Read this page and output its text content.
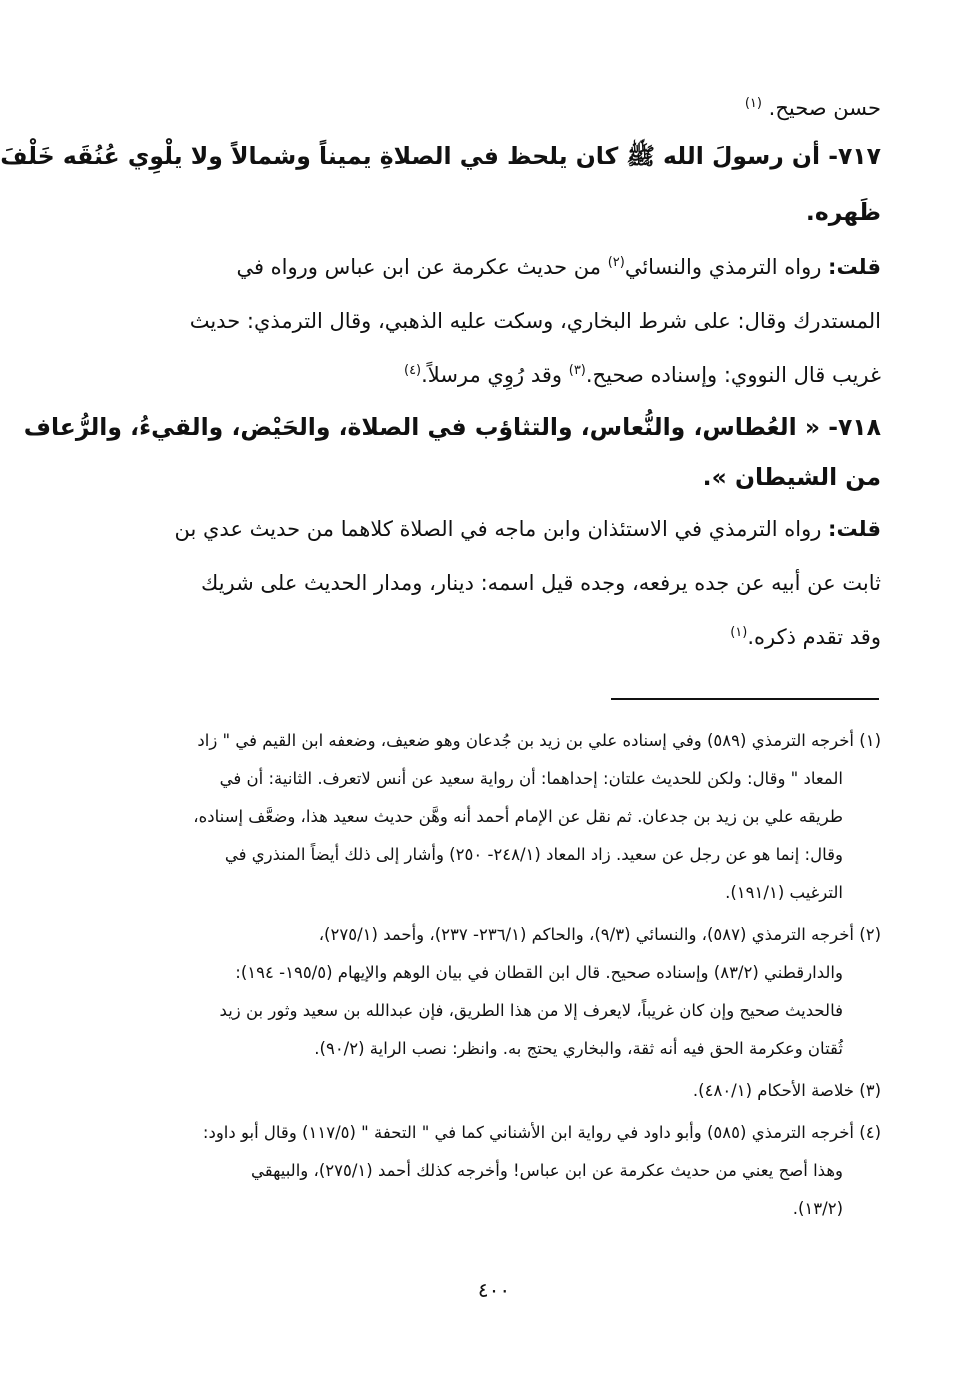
حسن صحيح. $^{(١)}$
٧١٧- أن رسولَ الله ﷺ كان يلحظ في الصلاةِ يميناً وشمالاً ولا يلْوِي عُنُقَه خَلْفَ
ظَهره.
قلت: رواه الترمذي والنسائي$^{(٢)}$ من حديث عكرمة عن ابن عباس ورواه في
المستدرك وقال: على شرط البخاري، وسكت عليه الذهبي، وقال الترمذي: حديث
غريب قال النووي: وإسناده صحيح.$^{(٣)}$ وقد رُوِي مرسلاً.$^{(٤)}$
٧١٨- « العُطاس، والنُّعاس، والتثاؤب في الصلاة، والحَيْض، والقيءُ، والرُّعاف
من الشيطان ».
قلت: رواه الترمذي في الاستئذان وابن ماجه في الصلاة كلاهما من حديث عدي بن
ثابت عن أبيه عن جده يرفعه، وجده قيل اسمه: دينار، ومدار الحديث على شريك
وقد تقدم ذكره.$^{(١)}$
(١) أخرجه الترمذي (٥٨٩) وفي إسناده علي بن زيد بن جُدعان وهو ضعيف، وضعفه ابن القيم في " زاد
المعاد " وقال: ولكن للحديث علتان: إحداهما: أن رواية سعيد عن أنس لاتعرف. الثانية: أن في
طريقه علي بن زيد بن جدعان. ثم نقل عن الإمام أحمد أنه وهَّن حديث سعيد هذا، وضعَّف إسناده،
وقال: إنما هو عن رجل عن سعيد. زاد المعاد (٢٤٨/١- ٢٥٠) وأشار إلى ذلك أيضاً المنذري في
الترغيب (١٩١/١).
(٢) أخرجه الترمذي (٥٨٧)، والنسائي (٩/٣)، والحاكم (٢٣٦/١- ٢٣٧)، وأحمد (٢٧٥/١)،
والدارقطني (٨٣/٢) وإسناده صحيح. قال ابن القطان في بيان الوهم والإيهام (١٩٥/٥- ١٩٤):
فالحديث صحيح وإن كان غريباً، لايعرف إلا من هذا الطريق، فإن عبدالله بن سعيد وثور بن زيد
ثُقتان وعكرمة الحق فيه أنه ثقة، والبخاري يحتج به. وانظر: نصب الراية (٩٠/٢).
(٣) خلاصة الأحكام (٤٨٠/١).
(٤) أخرجه الترمذي (٥٨٥) وأبو داود في رواية ابن الأشناني كما في " التحفة " (١١٧/٥) وقال أبو داود:
وهذا أصح يعني من حديث عكرمة عن ابن عباس! وأخرجه كذلك أحمد (٢٧٥/١)، والبيهقي
(١٣/٢).
٤٠٠
